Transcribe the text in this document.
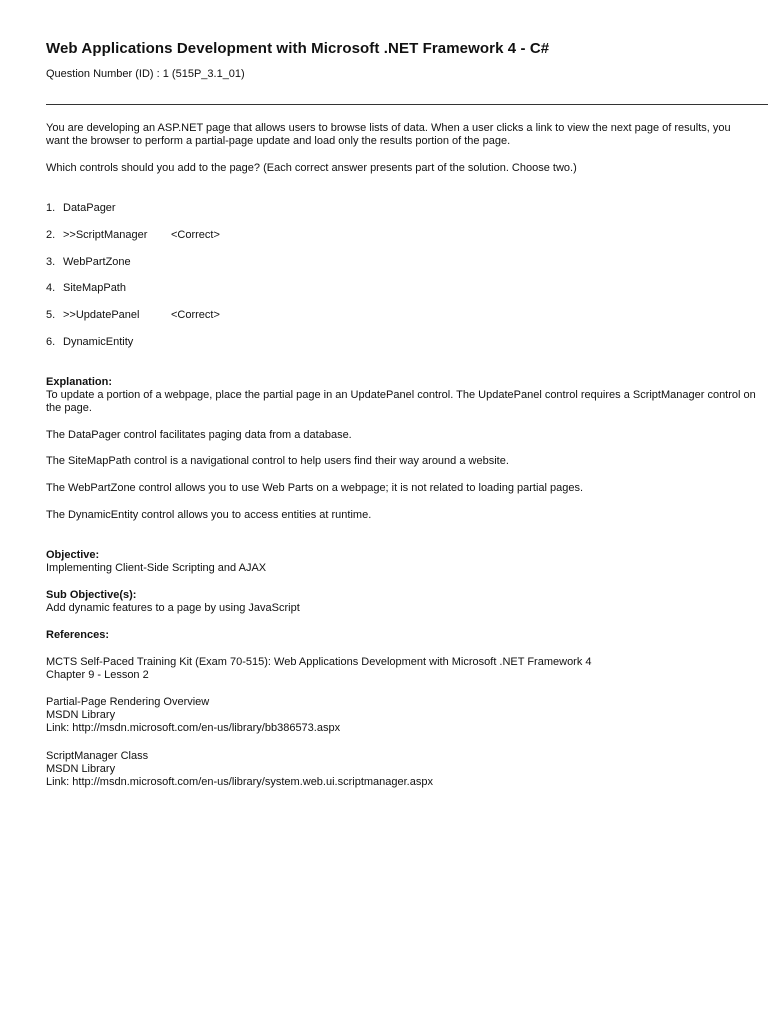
Web Applications Development with Microsoft .NET Framework 4 - C#
Question Number (ID) : 1 (515P_3.1_01)
You are developing an ASP.NET page that allows users to browse lists of data. When a user clicks a link to view the next page of results, you want the browser to perform a partial-page update and load only the results portion of the page.
Which controls should you add to the page? (Each correct answer presents part of the solution. Choose two.)
1. DataPager
2. >>ScriptManager	<Correct>
3. WebPartZone
4. SiteMapPath
5. >>UpdatePanel	<Correct>
6. DynamicEntity
Explanation:

To update a portion of a webpage, place the partial page in an UpdatePanel control. The UpdatePanel control requires a ScriptManager control on the page.

The DataPager control facilitates paging data from a database.

The SiteMapPath control is a navigational control to help users find their way around a website.

The WebPartZone control allows you to use Web Parts on a webpage; it is not related to loading partial pages.

The DynamicEntity control allows you to access entities at runtime.

Objective:

Implementing Client-Side Scripting and AJAX

Sub Objective(s):

Add dynamic features to a page by using JavaScript

References:

MCTS Self-Paced Training Kit (Exam 70-515): Web Applications Development with Microsoft .NET Framework 4

Chapter 9 - Lesson 2

Partial-Page Rendering Overview

MSDN Library

Link: http://msdn.microsoft.com/en-us/library/bb386573.aspx

ScriptManager Class

MSDN Library

Link: http://msdn.microsoft.com/en-us/library/system.web.ui.scriptmanager.aspx
